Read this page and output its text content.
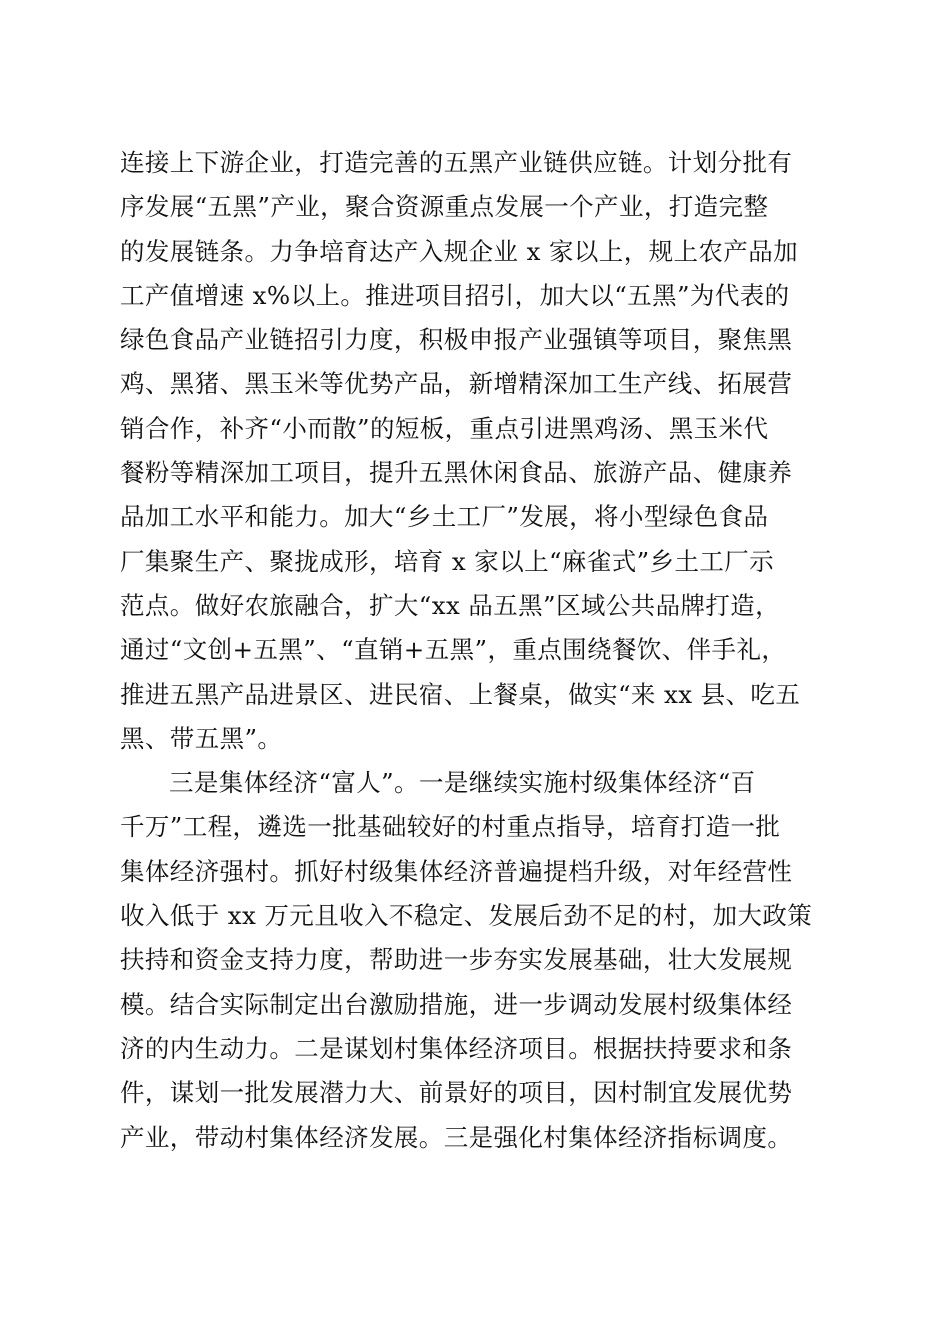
连接上下游企业，打造完善的五黑产业链供应链。计划分批有
序发展“五黑”产业，聚合资源重点发展一个产业，打造完整
的发展链条。力争培育达产入规企业 x 家以上，规上农产品加
工产值增速 x%以上。推进项目招引，加大以“五黑”为代表的
绿色食品产业链招引力度，积极申报产业强镇等项目，聚焦黑
鸡、黑猪、黑玉米等优势产品，新增精深加工生产线、拓展营
销合作，补齐“小而散”的短板，重点引进黑鸡汤、黑玉米代
餐粉等精深加工项目，提升五黑休闲食品、旅游产品、健康养
品加工水平和能力。加大“乡土工厂”发展，将小型绿色食品
厂集聚生产、聚拢成形，培育 x 家以上“麻雀式”乡土工厂示
范点。做好农旅融合，扩大“xx 品五黑”区域公共品牌打造，
通过“文创+五黑”、“直销+五黑”，重点围绕餐饮、伴手礼，
推进五黑产品进景区、进民宿、上餐桌，做实“来 xx 县、吃五
黑、带五黑”。
三是集体经济“富人”。一是继续实施村级集体经济“百
千万”工程，遴选一批基础较好的村重点指导，培育打造一批
集体经济强村。抓好村级集体经济普遍提档升级，对年经营性
收入低于 xx 万元且收入不稳定、发展后劲不足的村，加大政策
扶持和资金支持力度，帮助进一步夯实发展基础，壮大发展规
模。结合实际制定出台激励措施，进一步调动发展村级集体经
济的内生动力。二是谋划村集体经济项目。根据扶持要求和条
件，谋划一批发展潜力大、前景好的项目，因村制宜发展优势
产业，带动村集体经济发展。三是强化村集体经济指标调度。
